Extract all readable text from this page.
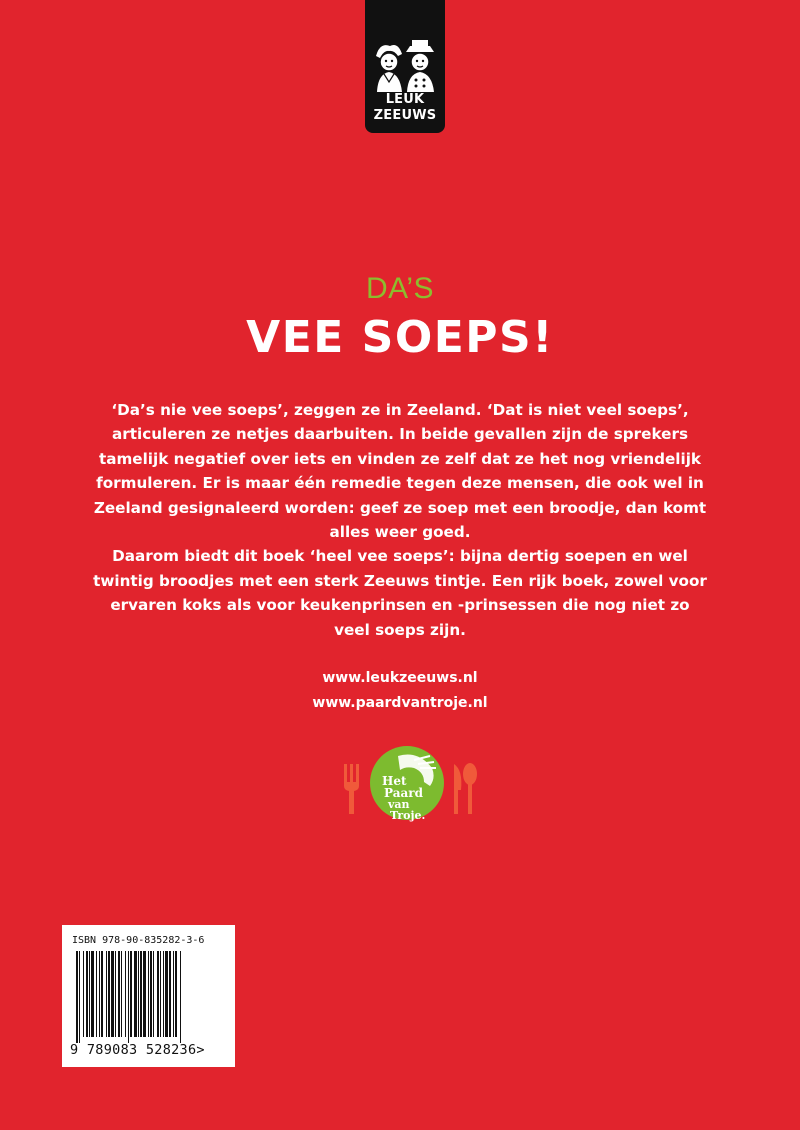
LEUK
ZEEUWS
DA’S
VEE SOEPS!

‘Da’s nie vee soeps’, zeggen ze in Zeeland. ‘Dat is niet veel soeps’, articuleren ze netjes daarbuiten. In beide gevallen zijn de sprekers tamelijk negatief over iets en vinden ze zelf dat ze het nog vriendelijk formuleren. Er is maar één remedie tegen deze mensen, die ook wel in Zeeland gesignaleerd worden: geef ze soep met een broodje, dan komt alles weer goed.

Daarom biedt dit boek ‘heel vee soeps’: bijna dertig soepen en wel twintig broodjes met een sterk Zeeuws tintje. Een rijk boek, zowel voor ervaren koks als voor keukenprinsen en -prinsessen die nog niet zo veel soeps zijn.

www.leukzeeuws.nl
www.paardvantroje.nl
Het
Paard
van
Troje.
ISBN 978-90-835282-3-6
9 789083 528236>
